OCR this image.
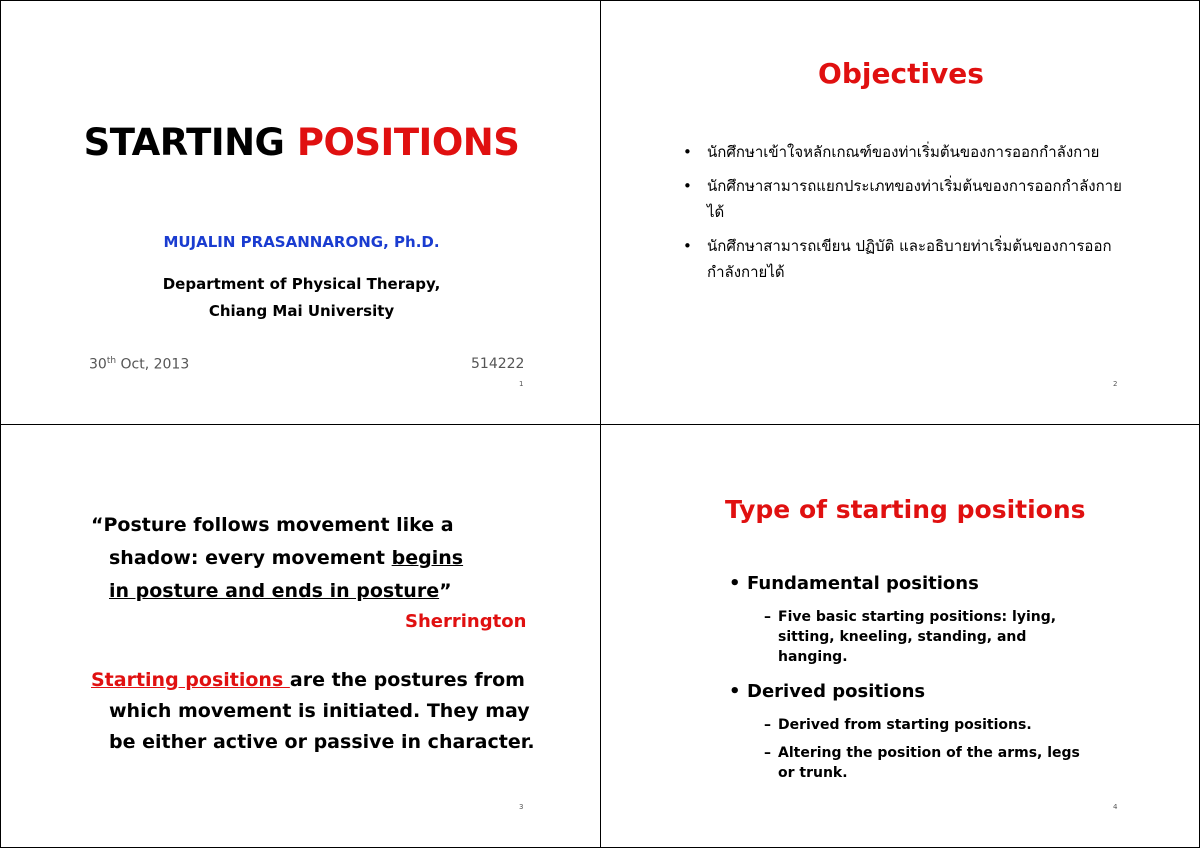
STARTING POSITIONS
MUJALIN PRASANNARONG, Ph.D.
Department of Physical Therapy,
Chiang Mai University
30th Oct, 2013	514222
1
Objectives
• นักศึกษาเข้าใจหลักเกณฑ์ของท่าเริ่มต้นของการออกกำลังกาย
• นักศึกษาสามารถแยกประเภทของท่าเริ่มต้นของการออกกำลังกายได้
• นักศึกษาสามารถเขียน ปฏิบัติ และอธิบายท่าเริ่มต้นของการออกกำลังกายได้
2
“Posture follows movement like a
shadow: every movement begins
in posture and ends in posture”
Sherrington
Starting positions are the postures from
which movement is initiated. They may
be either active or passive in character.
3
Type of starting positions
• Fundamental positions
– Five basic starting positions: lying, sitting, kneeling, standing, and hanging.
• Derived positions
– Derived from starting positions.
– Altering the position of the arms, legs or trunk.
4
